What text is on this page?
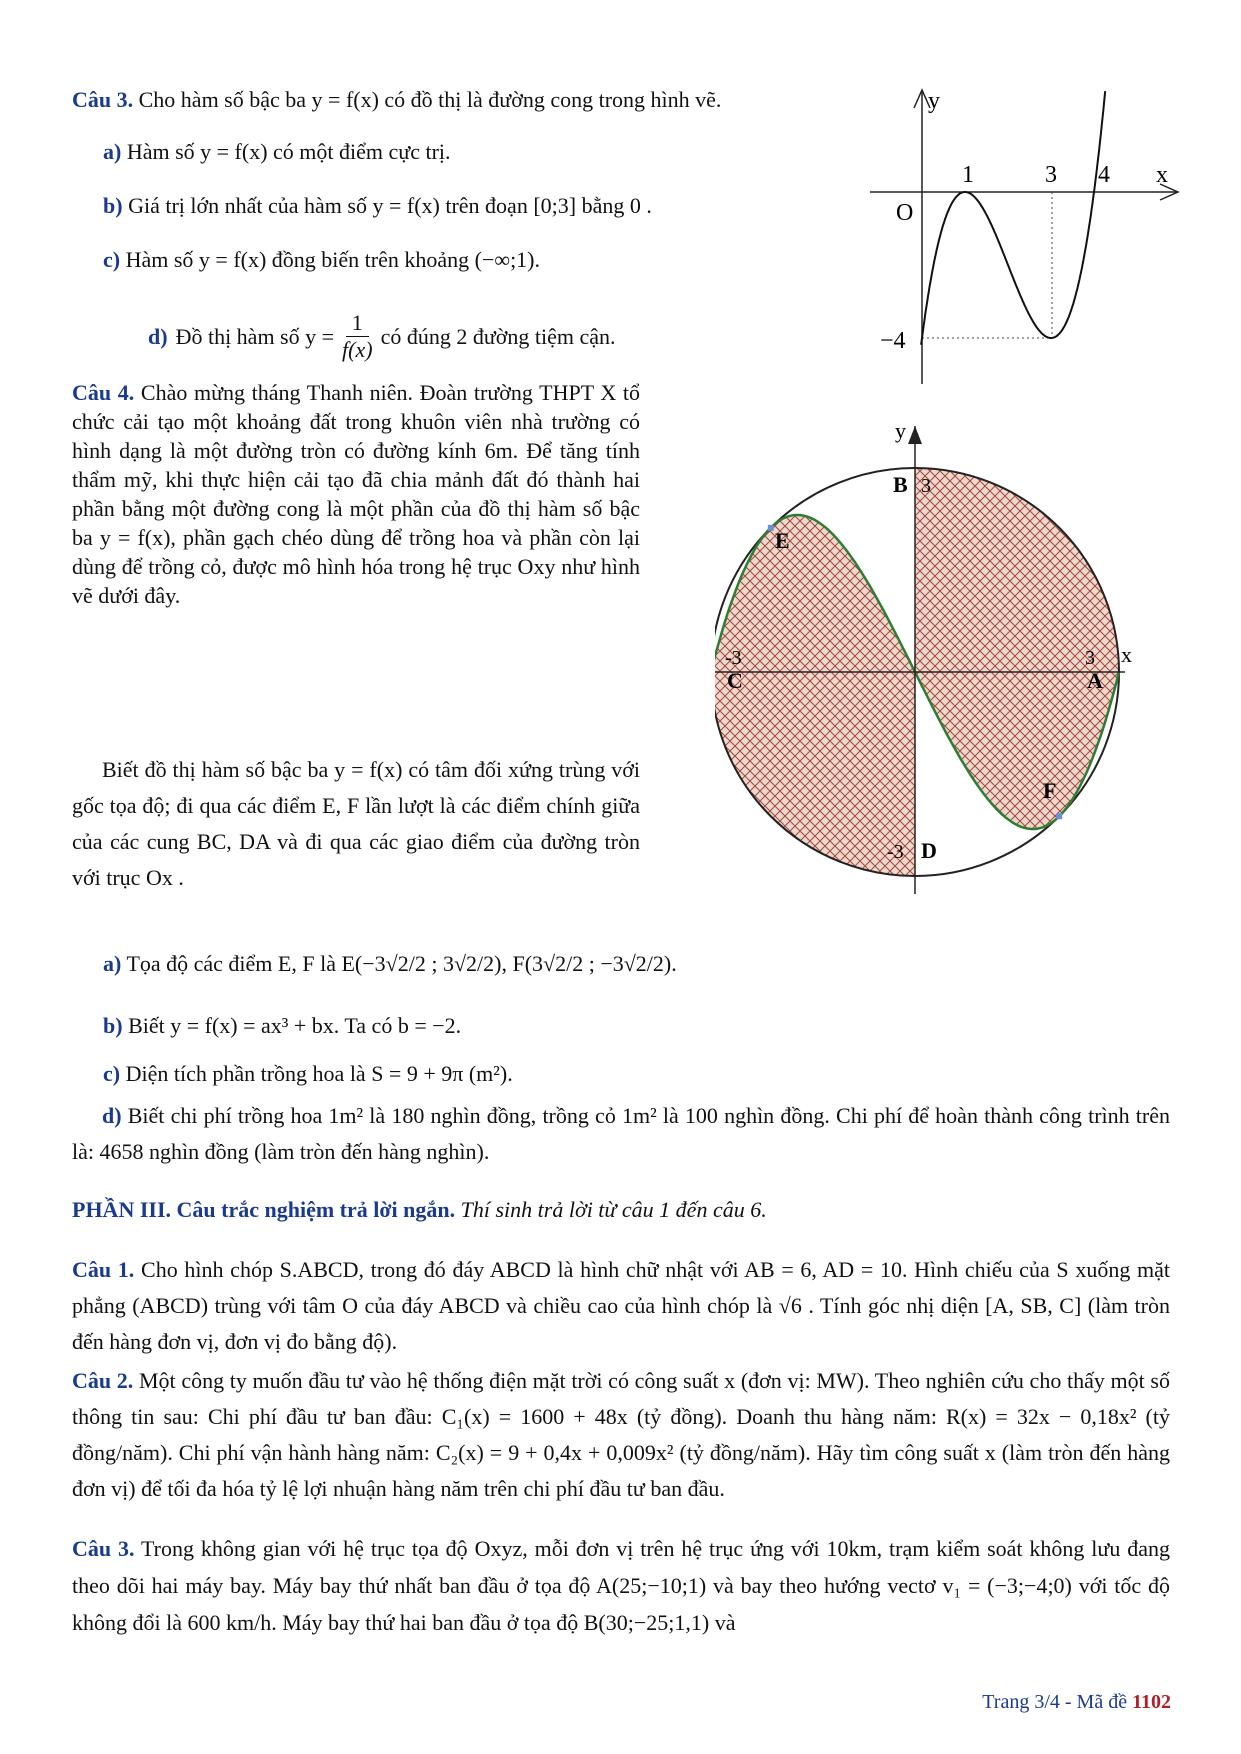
Câu 3. Cho hàm số bậc ba y = f(x) có đồ thị là đường cong trong hình vẽ.
a) Hàm số y = f(x) có một điểm cực trị.
b) Giá trị lớn nhất của hàm số y = f(x) trên đoạn [0;3] bằng 0 .
c) Hàm số y = f(x) đồng biến trên khoảng (−∞;1).
d) Đồ thị hàm số $y = \frac{1}{f(x)}$ có đúng 2 đường tiệm cận.
y
x
O
1	3 4
−4
Câu 4. Chào mừng tháng Thanh niên. Đoàn trường THPT X tổ chức cải tạo một khoảng đất trong khuôn viên nhà trường có hình dạng là một đường tròn có đường kính 6m. Để tăng tính thẩm mỹ, khi thực hiện cải tạo đã chia mảnh đất đó thành hai phần bằng một đường cong là một phần của đồ thị hàm số bậc ba y = f(x), phần gạch chéo dùng để trồng hoa và phần còn lại dùng để trồng cỏ, được mô hình hóa trong hệ trục Oxy như hình vẽ dưới đây.
Biết đồ thị hàm số bậc ba y = f(x) có tâm đối xứng trùng với gốc tọa độ; đi qua các điểm E, F lần lượt là các điểm chính giữa của các cung BC, DA và đi qua các giao điểm của đường tròn với trục Ox .
y
x
B 3
E
-3
C
3
A
F
-3 D
a) Tọa độ các điểm E, F là E(−3√2/2 ; 3√2/2), F(3√2/2 ; −3√2/2).
b) Biết y = f(x) = ax³ + bx. Ta có b = −2.
c) Diện tích phần trồng hoa là S = 9 + 9π (m²).
d) Biết chi phí trồng hoa 1m² là 180 nghìn đồng, trồng cỏ 1m² là 100 nghìn đồng. Chi phí để hoàn thành công trình trên là: 4658 nghìn đồng (làm tròn đến hàng nghìn).
PHẦN III. Câu trắc nghiệm trả lời ngắn. Thí sinh trả lời từ câu 1 đến câu 6.
Câu 1. Cho hình chóp S.ABCD, trong đó đáy ABCD là hình chữ nhật với AB = 6, AD = 10. Hình chiếu của S xuống mặt phẳng (ABCD) trùng với tâm O của đáy ABCD và chiều cao của hình chóp là √6 . Tính góc nhị diện [A, SB, C] (làm tròn đến hàng đơn vị, đơn vị đo bằng độ).
Câu 2. Một công ty muốn đầu tư vào hệ thống điện mặt trời có công suất x (đơn vị: MW). Theo nghiên cứu cho thấy một số thông tin sau: Chi phí đầu tư ban đầu: C₁(x) = 1600 + 48x (tỷ đồng). Doanh thu hàng năm: R(x) = 32x − 0,18x² (tỷ đồng/năm). Chi phí vận hành hàng năm: C₂(x) = 9 + 0,4x + 0,009x² (tỷ đồng/năm). Hãy tìm công suất x (làm tròn đến hàng đơn vị) để tối đa hóa tỷ lệ lợi nhuận hàng năm trên chi phí đầu tư ban đầu.
Câu 3. Trong không gian với hệ trục tọa độ Oxyz, mỗi đơn vị trên hệ trục ứng với 10km, trạm kiểm soát không lưu đang theo dõi hai máy bay. Máy bay thứ nhất ban đầu ở tọa độ A(25;−10;1) và bay theo hướng vectơ v₁ = (−3;−4;0) với tốc độ không đổi là 600 km/h. Máy bay thứ hai ban đầu ở tọa độ B(30;−25;1,1) và
Trang 3/4 - Mã đề 1102
